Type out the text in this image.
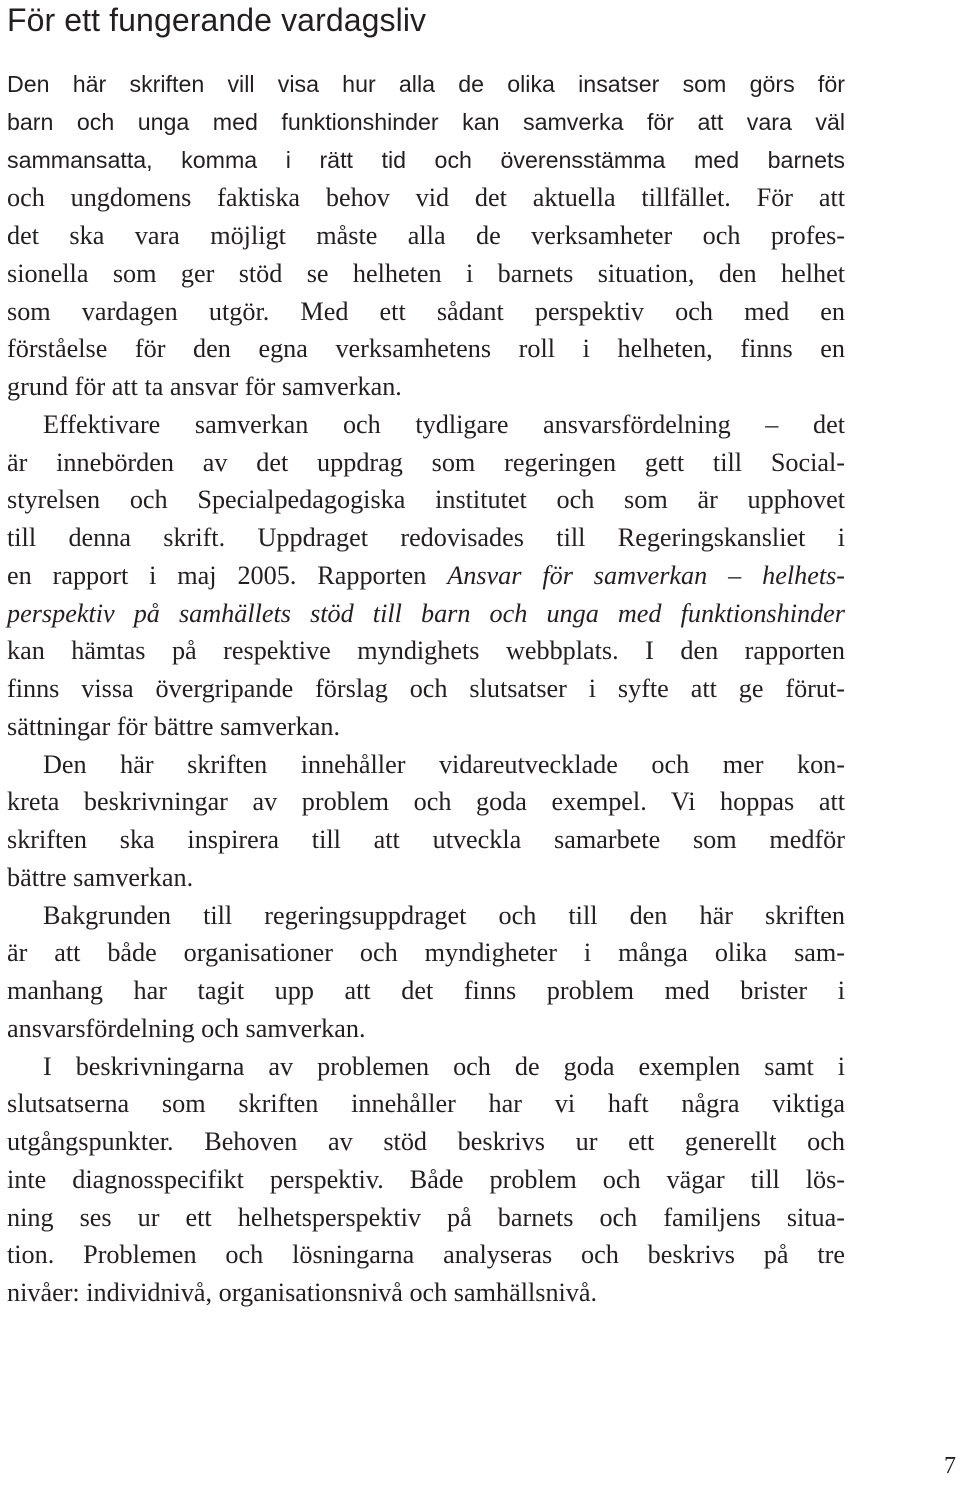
För ett fungerande vardagsliv
Den här skriften vill visa hur alla de olika insatser som görs för
barn och unga med funktionshinder kan samverka för att vara väl
sammansatta, komma i rätt tid och överensstämma med barnets
och ungdomens faktiska behov vid det aktuella tillfället. För att
det ska vara möjligt måste alla de verksamheter och profes-
sionella som ger stöd se helheten i barnets situation, den helhet
som vardagen utgör. Med ett sådant perspektiv och med en
förståelse för den egna verksamhetens roll i helheten, finns en
grund för att ta ansvar för samverkan.
Effektivare samverkan och tydligare ansvarsfördelning – det
är innebörden av det uppdrag som regeringen gett till Social-
styrelsen och Specialpedagogiska institutet och som är upphovet
till denna skrift. Uppdraget redovisades till Regeringskansliet i
en rapport i maj 2005. Rapporten Ansvar för samverkan – helhets-
perspektiv på samhällets stöd till barn och unga med funktionshinder
kan hämtas på respektive myndighets webbplats. I den rapporten
finns vissa övergripande förslag och slutsatser i syfte att ge förut-
sättningar för bättre samverkan.
Den här skriften innehåller vidareutvecklade och mer kon-
kreta beskrivningar av problem och goda exempel. Vi hoppas att
skriften ska inspirera till att utveckla samarbete som medför
bättre samverkan.
Bakgrunden till regeringsuppdraget och till den här skriften
är att både organisationer och myndigheter i många olika sam-
manhang har tagit upp att det finns problem med brister i
ansvarsfördelning och samverkan.
I beskrivningarna av problemen och de goda exemplen samt i
slutsatserna som skriften innehåller har vi haft några viktiga
utgångspunkter. Behoven av stöd beskrivs ur ett generellt och
inte diagnosspecifikt perspektiv. Både problem och vägar till lös-
ning ses ur ett helhetsperspektiv på barnets och familjens situa-
tion. Problemen och lösningarna analyseras och beskrivs på tre
nivåer: individnivå, organisationsnivå och samhällsnivå.
7
